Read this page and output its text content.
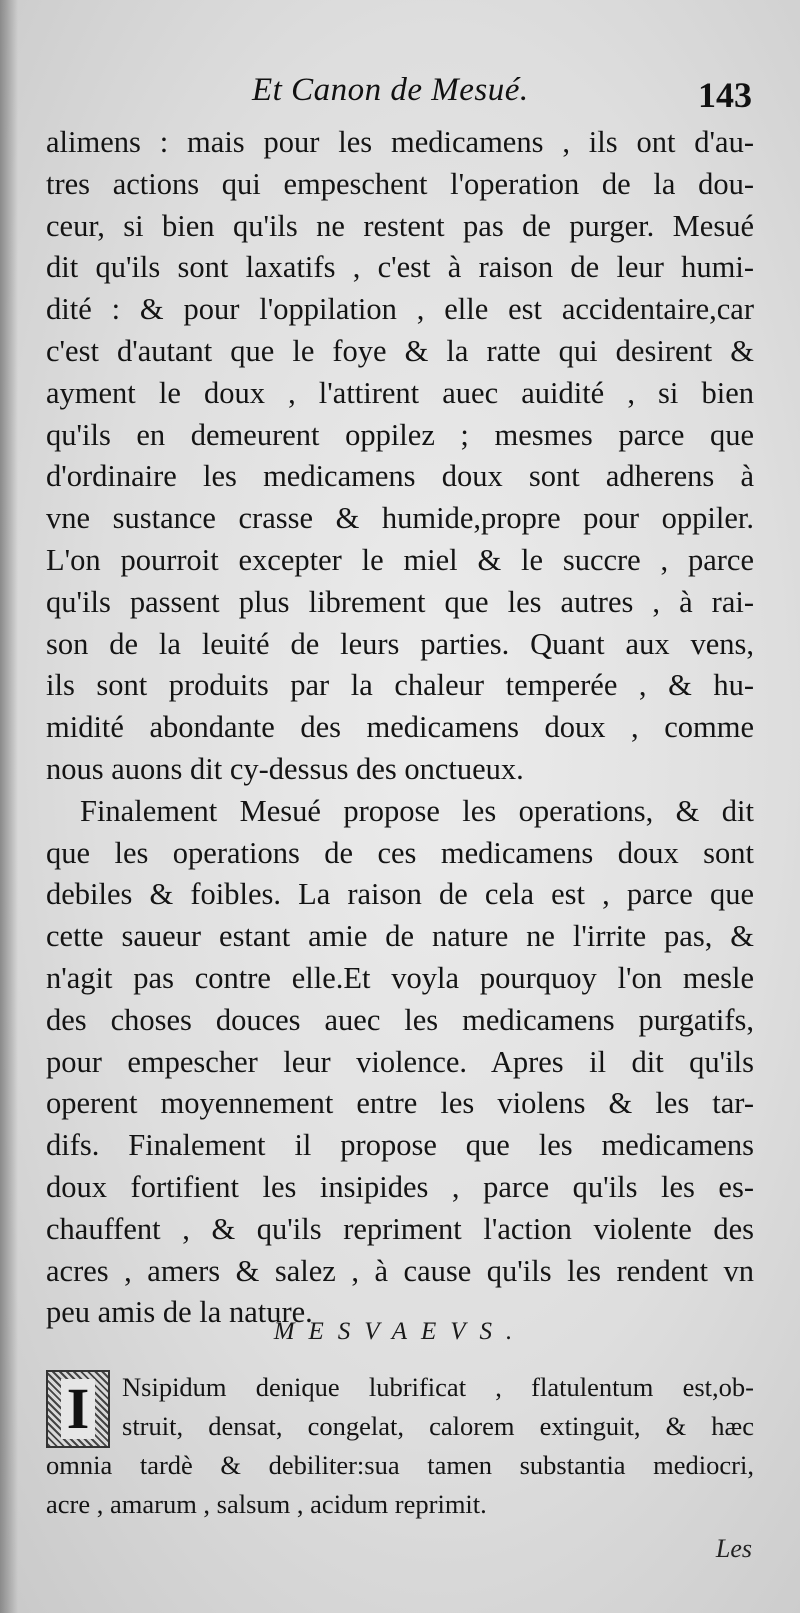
Et Canon de Mesué.	143
alimens : mais pour les medicamens , ils ont d'au-
tres actions qui empeschent l'operation de la dou-
ceur, si bien qu'ils ne restent pas de purger. Mesué
dit qu'ils sont laxatifs , c'est à raison de leur humi-
dité : & pour l'oppilation , elle est accidentaire,car
c'est d'autant que le foye & la ratte qui desirent &
ayment le doux , l'attirent auec auidité , si bien
qu'ils en demeurent oppilez ; mesmes parce que
d'ordinaire les medicamens doux sont adherens à
vne sustance crasse & humide,propre pour oppiler.
L'on pourroit excepter le miel & le succre , parce
qu'ils passent plus librement que les autres , à rai-
son de la leuité de leurs parties. Quant aux vens,
ils sont produits par la chaleur temperée , & hu-
midité abondante des medicamens doux , comme
nous auons dit cy-dessus des onctueux.
Finalement Mesué propose les operations, & dit
que les operations de ces medicamens doux sont
debiles & foibles. La raison de cela est , parce que
cette saueur estant amie de nature ne l'irrite pas, &
n'agit pas contre elle.Et voyla pourquoy l'on mesle
des choses douces auec les medicamens purgatifs,
pour empescher leur violence. Apres il dit qu'ils
operent moyennement entre les violens & les tar-
difs. Finalement il propose que les medicamens
doux fortifient les insipides , parce qu'ils les es-
chauffent , & qu'ils repriment l'action violente des
acres , amers & salez , à cause qu'ils les rendent vn
peu amis de la nature.
MESVAEVS.
I	Nsipidum denique lubrificat , flatulentum est,ob-
struit, densat, congelat, calorem extinguit, & hæc
omnia tardè & debiliter:sua tamen substantia mediocri,
acre , amarum , salsum , acidum reprimit.
Les
